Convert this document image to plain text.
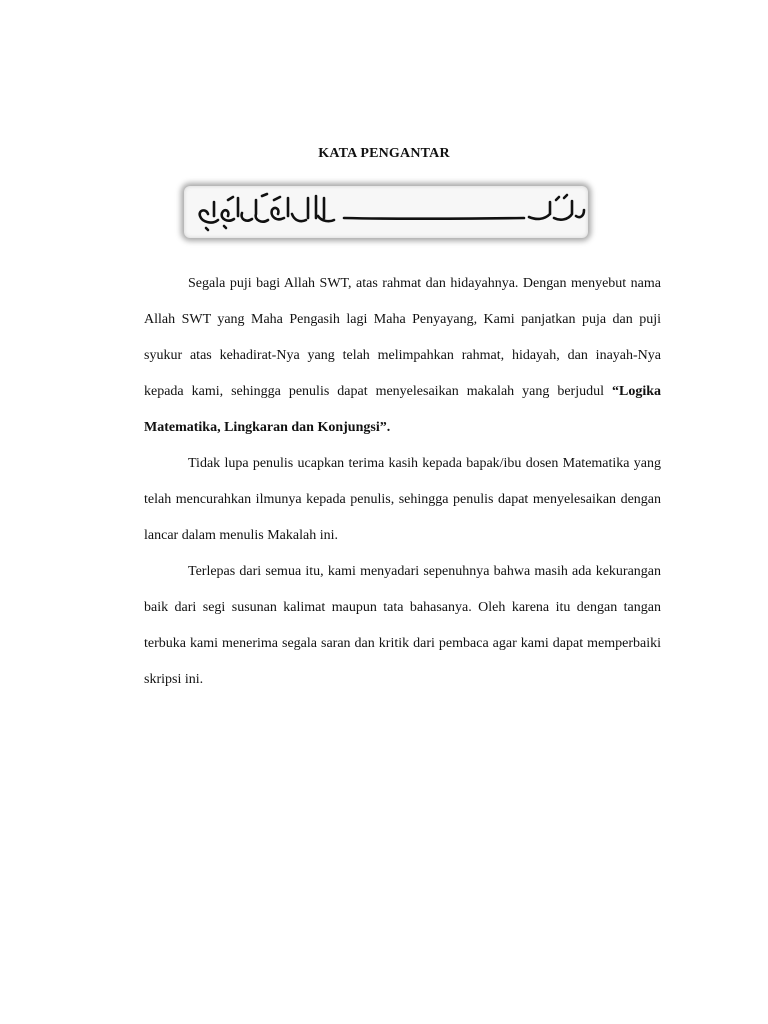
KATA PENGANTAR

Segala puji bagi Allah SWT, atas rahmat dan hidayahnya. Dengan menyebut nama Allah SWT yang Maha Pengasih lagi Maha Penyayang, Kami panjatkan puja dan puji syukur atas kehadirat-Nya yang telah melimpahkan rahmat, hidayah, dan inayah-Nya kepada kami, sehingga penulis dapat menyelesaikan makalah yang berjudul “Logika Matematika, Lingkaran dan Konjungsi”.

Tidak lupa penulis ucapkan terima kasih kepada bapak/ibu dosen Matematika yang telah mencurahkan ilmunya kepada penulis, sehingga penulis dapat menyelesaikan dengan lancar dalam menulis Makalah ini.

Terlepas dari semua itu, kami menyadari sepenuhnya bahwa masih ada kekurangan baik dari segi susunan kalimat maupun tata bahasanya. Oleh karena itu dengan tangan terbuka kami menerima segala saran dan kritik dari pembaca agar kami dapat memperbaiki skripsi ini.
